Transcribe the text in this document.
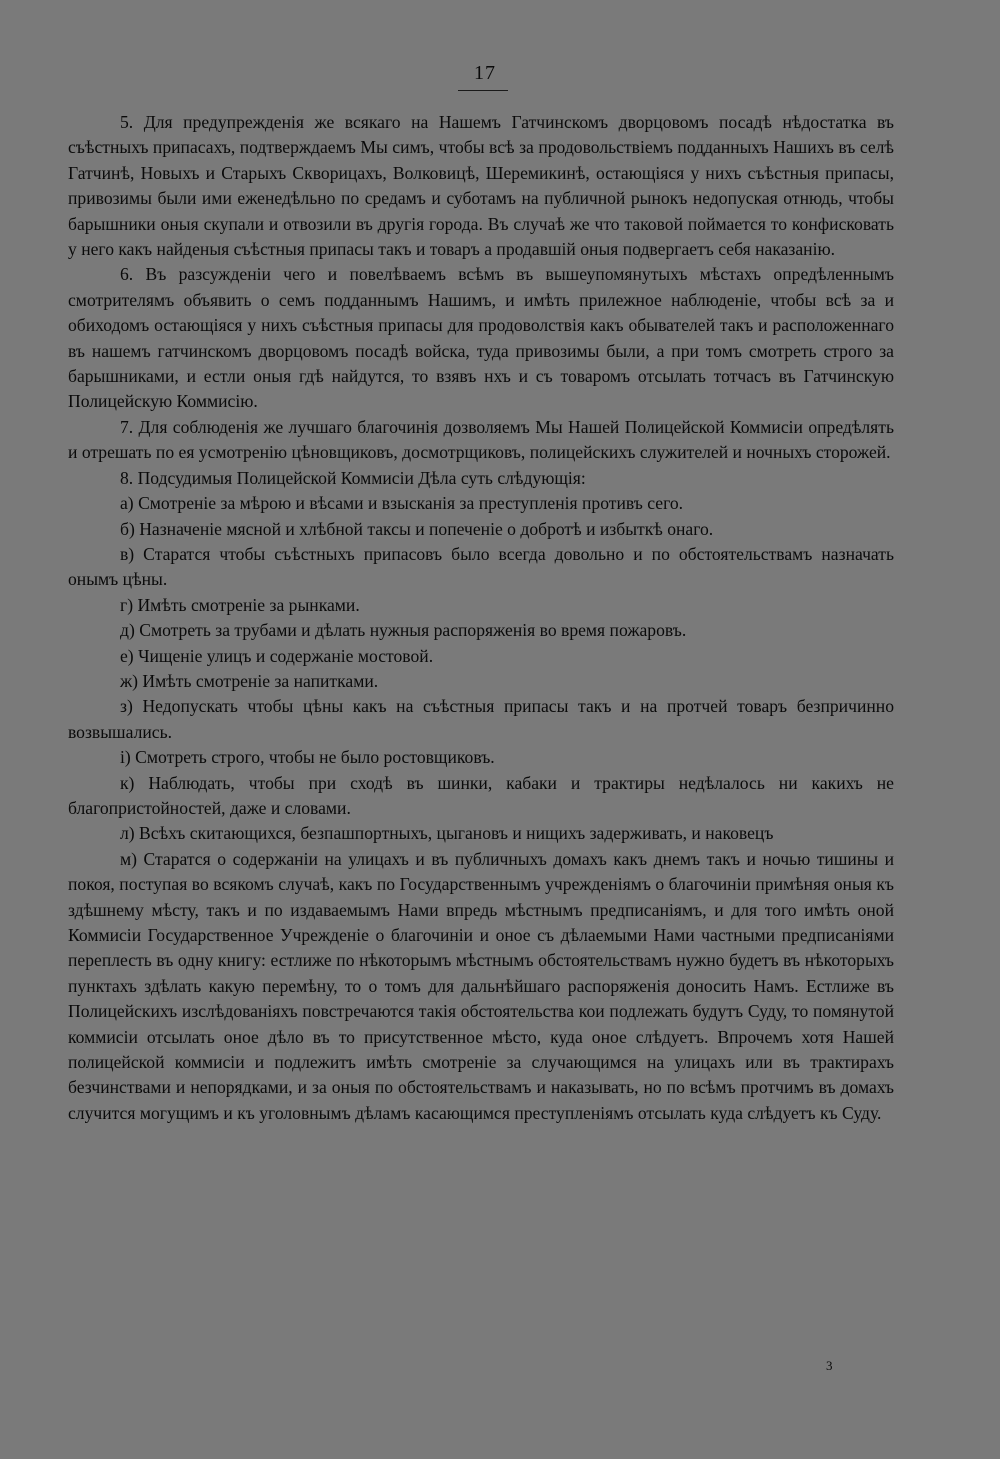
17

5. Для предупрежденія же всякаго на Нашемъ Гатчинскомъ дворцовомъ посадѣ нѣдостатка въ съѣстныхъ припасахъ, подтверждаемъ Мы симъ, чтобы всѣ за продовольствіемъ подданныхъ Нашихъ въ селѣ Гатчинѣ, Новыхъ и Старыхъ Скворицахъ, Волковицѣ, Шеремикинѣ, остающіяся у нихъ съѣстныя припасы, привозимы были ими еженедѣльно по средамъ и суботамъ на публичной рынокъ недопуская отнюдь, чтобы барышники оныя скупали и отвозили въ другія города. Въ случаѣ же что таковой поймается то конфисковать у него какъ найденыя съѣстныя припасы такъ и товаръ а продавшій оныя подвергаетъ себя наказанію.

6. Въ разсужденіи чего и повелѣваемъ всѣмъ въ вышеупомянутыхъ мѣстахъ опредѣленнымъ смотрителямъ объявить о семъ подданнымъ Нашимъ, и имѣть прилежное наблюденіе, чтобы всѣ за и обиходомъ остающіяся у нихъ съѣстныя припасы для продоволствія какъ обывателей такъ и расположеннаго въ нашемъ гатчинскомъ дворцовомъ посадѣ войска, туда привозимы были, а при томъ смотреть строго за барышниками, и естли оныя гдѣ найдутся, то взявъ нхъ и съ товаромъ отсылать тотчасъ въ Гатчинскую Полицейскую Коммисію.

7. Для соблюденія же лучшаго благочинія дозволяемъ Мы Нашей Полицейской Коммисіи опредѣлять и отрешать по ея усмотренію цѣновщиковъ, досмотрщиковъ, полицейскихъ служителей и ночныхъ сторожей.

8. Подсудимыя Полицейской Коммисіи Дѣла суть слѣдующія:

а) Смотреніе за мѣрою и вѣсами и взысканія за преступленія противъ сего.

б) Назначеніе мясной и хлѣбной таксы и попеченіе о добротѣ и избыткѣ онаго.

в) Старатся чтобы съѣстныхъ припасовъ было всегда довольно и по обстоятельствамъ назначать онымъ цѣны.

г) Имѣть смотреніе за рынками.

д) Смотреть за трубами и дѣлать нужныя распоряженія во время пожаровъ.

е) Чищеніе улицъ и содержаніе мостовой.

ж) Имѣть смотреніе за напитками.

з) Недопускать чтобы цѣны какъ на съѣстныя припасы такъ и на протчей товаръ безпричинно возвышались.

і) Смотреть строго, чтобы не было ростовщиковъ.

к) Наблюдать, чтобы при сходѣ въ шинки, кабаки и трактиры недѣлалось ни какихъ не благопристойностей, даже и словами.

л) Всѣхъ скитающихся, безпашпортныхъ, цыгановъ и нищихъ задерживать, и наковецъ

м) Старатся о содержаніи на улицахъ и въ публичныхъ домахъ какъ днемъ такъ и ночью тишины и покоя, поступая во всякомъ случаѣ, какъ по Государственнымъ учрежденіямъ о благочиніи примѣняя оныя къ здѣшнему мѣсту, такъ и по издаваемымъ Нами впредь мѣстнымъ предписаніямъ, и для того имѣть оной Коммисіи Государственное Учрежденіе о благочиніи и оное съ дѣлаемыми Нами частными предписаніями переплесть въ одну книгу: естлиже по нѣкоторымъ мѣстнымъ обстоятельствамъ нужно будетъ въ нѣкоторыхъ пунктахъ здѣлать какую перемѣну, то о томъ для дальнѣйшаго распоряженія доносить Намъ. Естлиже въ Полицейскихъ изслѣдованіяхъ повстречаются такія обстоятельства кои подлежать будутъ Суду, то помянутой коммисіи отсылать оное дѣло въ то присутственное мѣсто, куда оное слѣдуетъ. Впрочемъ хотя Нашей полицейской коммисіи и подлежитъ имѣть смотреніе за случающимся на улицахъ или въ трактирахъ безчинствами и непорядками, и за оныя по обстоятельствамъ и наказывать, но по всѣмъ протчимъ въ домахъ случится могущимъ и къ уголовнымъ дѣламъ касающимся преступленіямъ отсылать куда слѣдуетъ къ Суду.

3
